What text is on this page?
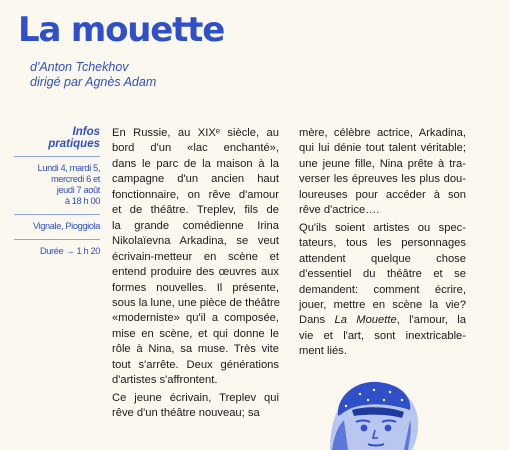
La mouette
d'Anton Tchekhov
dirigé par Agnès Adam
Infos
pratiques
Lundi 4, mardi 5,
mercredi 6 et
jeudi 7 août
à 18 h 00
Vignale, Pioggiola
Durée → 1 h 20

En Russie, au XIXᵉ siècle, au
bord d'un «lac enchanté»,
dans le parc de la maison à la
campagne d'un ancien haut
fonctionnaire, on rêve d'amour
et de théâtre. Treplev, fils de
la grande comédienne Irina
Nikolaïevna Arkadina, se veut
écrivain-metteur en scène et
entend produire des œuvres aux
formes nouvelles. Il présente,
sous la lune, une pièce de théâtre
«moderniste» qu'il a composée,
mise en scène, et qui donne le
rôle à Nina, sa muse. Très vite
tout s'arrête. Deux générations
d'artistes s'affrontent.

Ce jeune écrivain, Treplev qui
rêve d'un théâtre nouveau; sa

mère, célèbre actrice, Arkadina,
qui lui dénie tout talent véritable;
une jeune fille, Nina prête à tra-
verser les épreuves les plus dou-
loureuses pour accéder à son
rêve d'actrice….

Qu'ils soient artistes ou spec-
tateurs, tous les personnages
attendent quelque chose
d'essentiel du théâtre et se
demandent: comment écrire,
jouer, mettre en scène la vie?
Dans La Mouette, l'amour, la
vie et l'art, sont inextricable-
ment liés.
